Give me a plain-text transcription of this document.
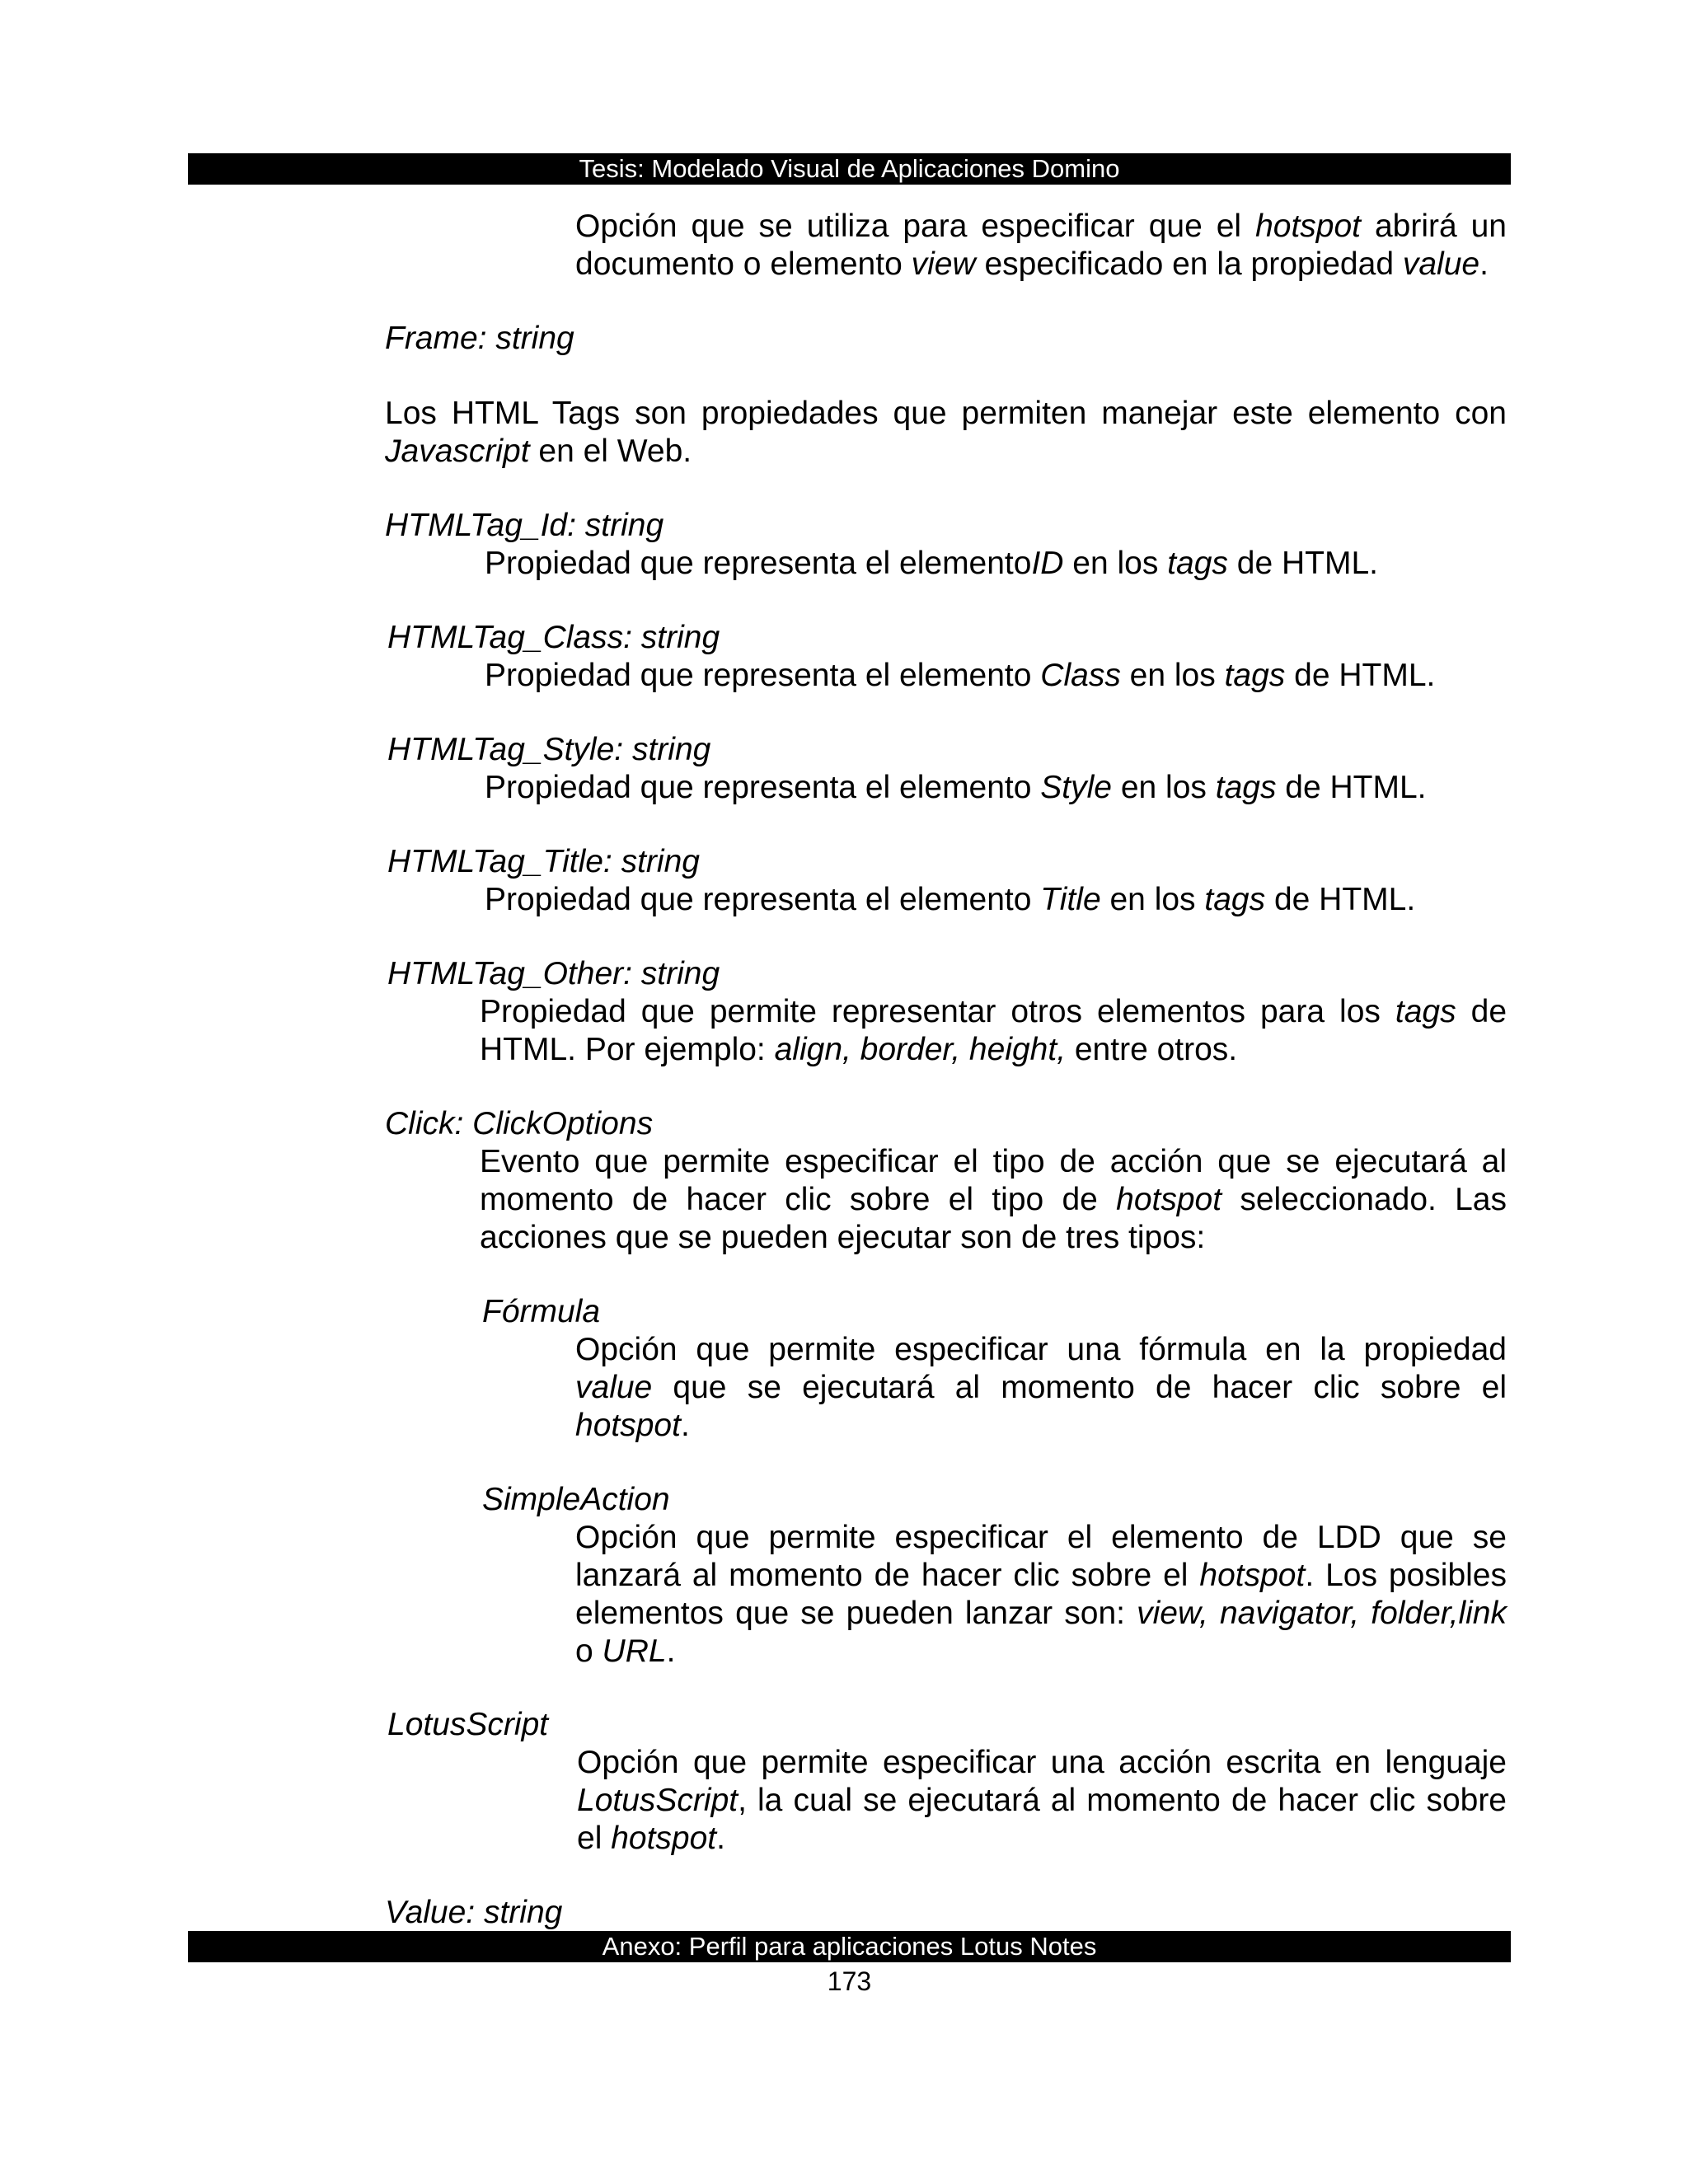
Tesis: Modelado Visual de Aplicaciones Domino

Opción que se utiliza para especificar que el hotspot abrirá un documento o elemento view especificado en la propiedad value.

Frame: string

Los HTML Tags son propiedades que permiten manejar este elemento con Javascript en el Web.

HTMLTag_Id: string

Propiedad que representa el elementoID en los tags de HTML.

HTMLTag_Class: string

Propiedad que representa el elemento Class en los tags de HTML.

HTMLTag_Style: string

Propiedad que representa el elemento Style en los tags de HTML.

HTMLTag_Title: string

Propiedad que representa el elemento Title en los tags de HTML.

HTMLTag_Other: string

Propiedad que permite representar otros elementos para los tags de HTML. Por ejemplo: align, border, height, entre otros.

Click: ClickOptions

Evento que permite especificar el tipo de acción que se ejecutará al momento de hacer clic sobre el tipo de hotspot seleccionado. Las acciones que se pueden ejecutar son de tres tipos:

Fórmula

Opción que permite especificar una fórmula en la propiedad value que se ejecutará al momento de hacer clic sobre el hotspot.

SimpleAction

Opción que permite especificar el elemento de LDD que se lanzará al momento de hacer clic sobre el hotspot. Los posibles elementos que se pueden lanzar son: view, navigator, folder,link o URL.

LotusScript

Opción que permite especificar una acción escrita en lenguaje LotusScript, la cual se ejecutará al momento de hacer clic sobre el hotspot.

Value: string

Anexo: Perfil para aplicaciones Lotus Notes
173
